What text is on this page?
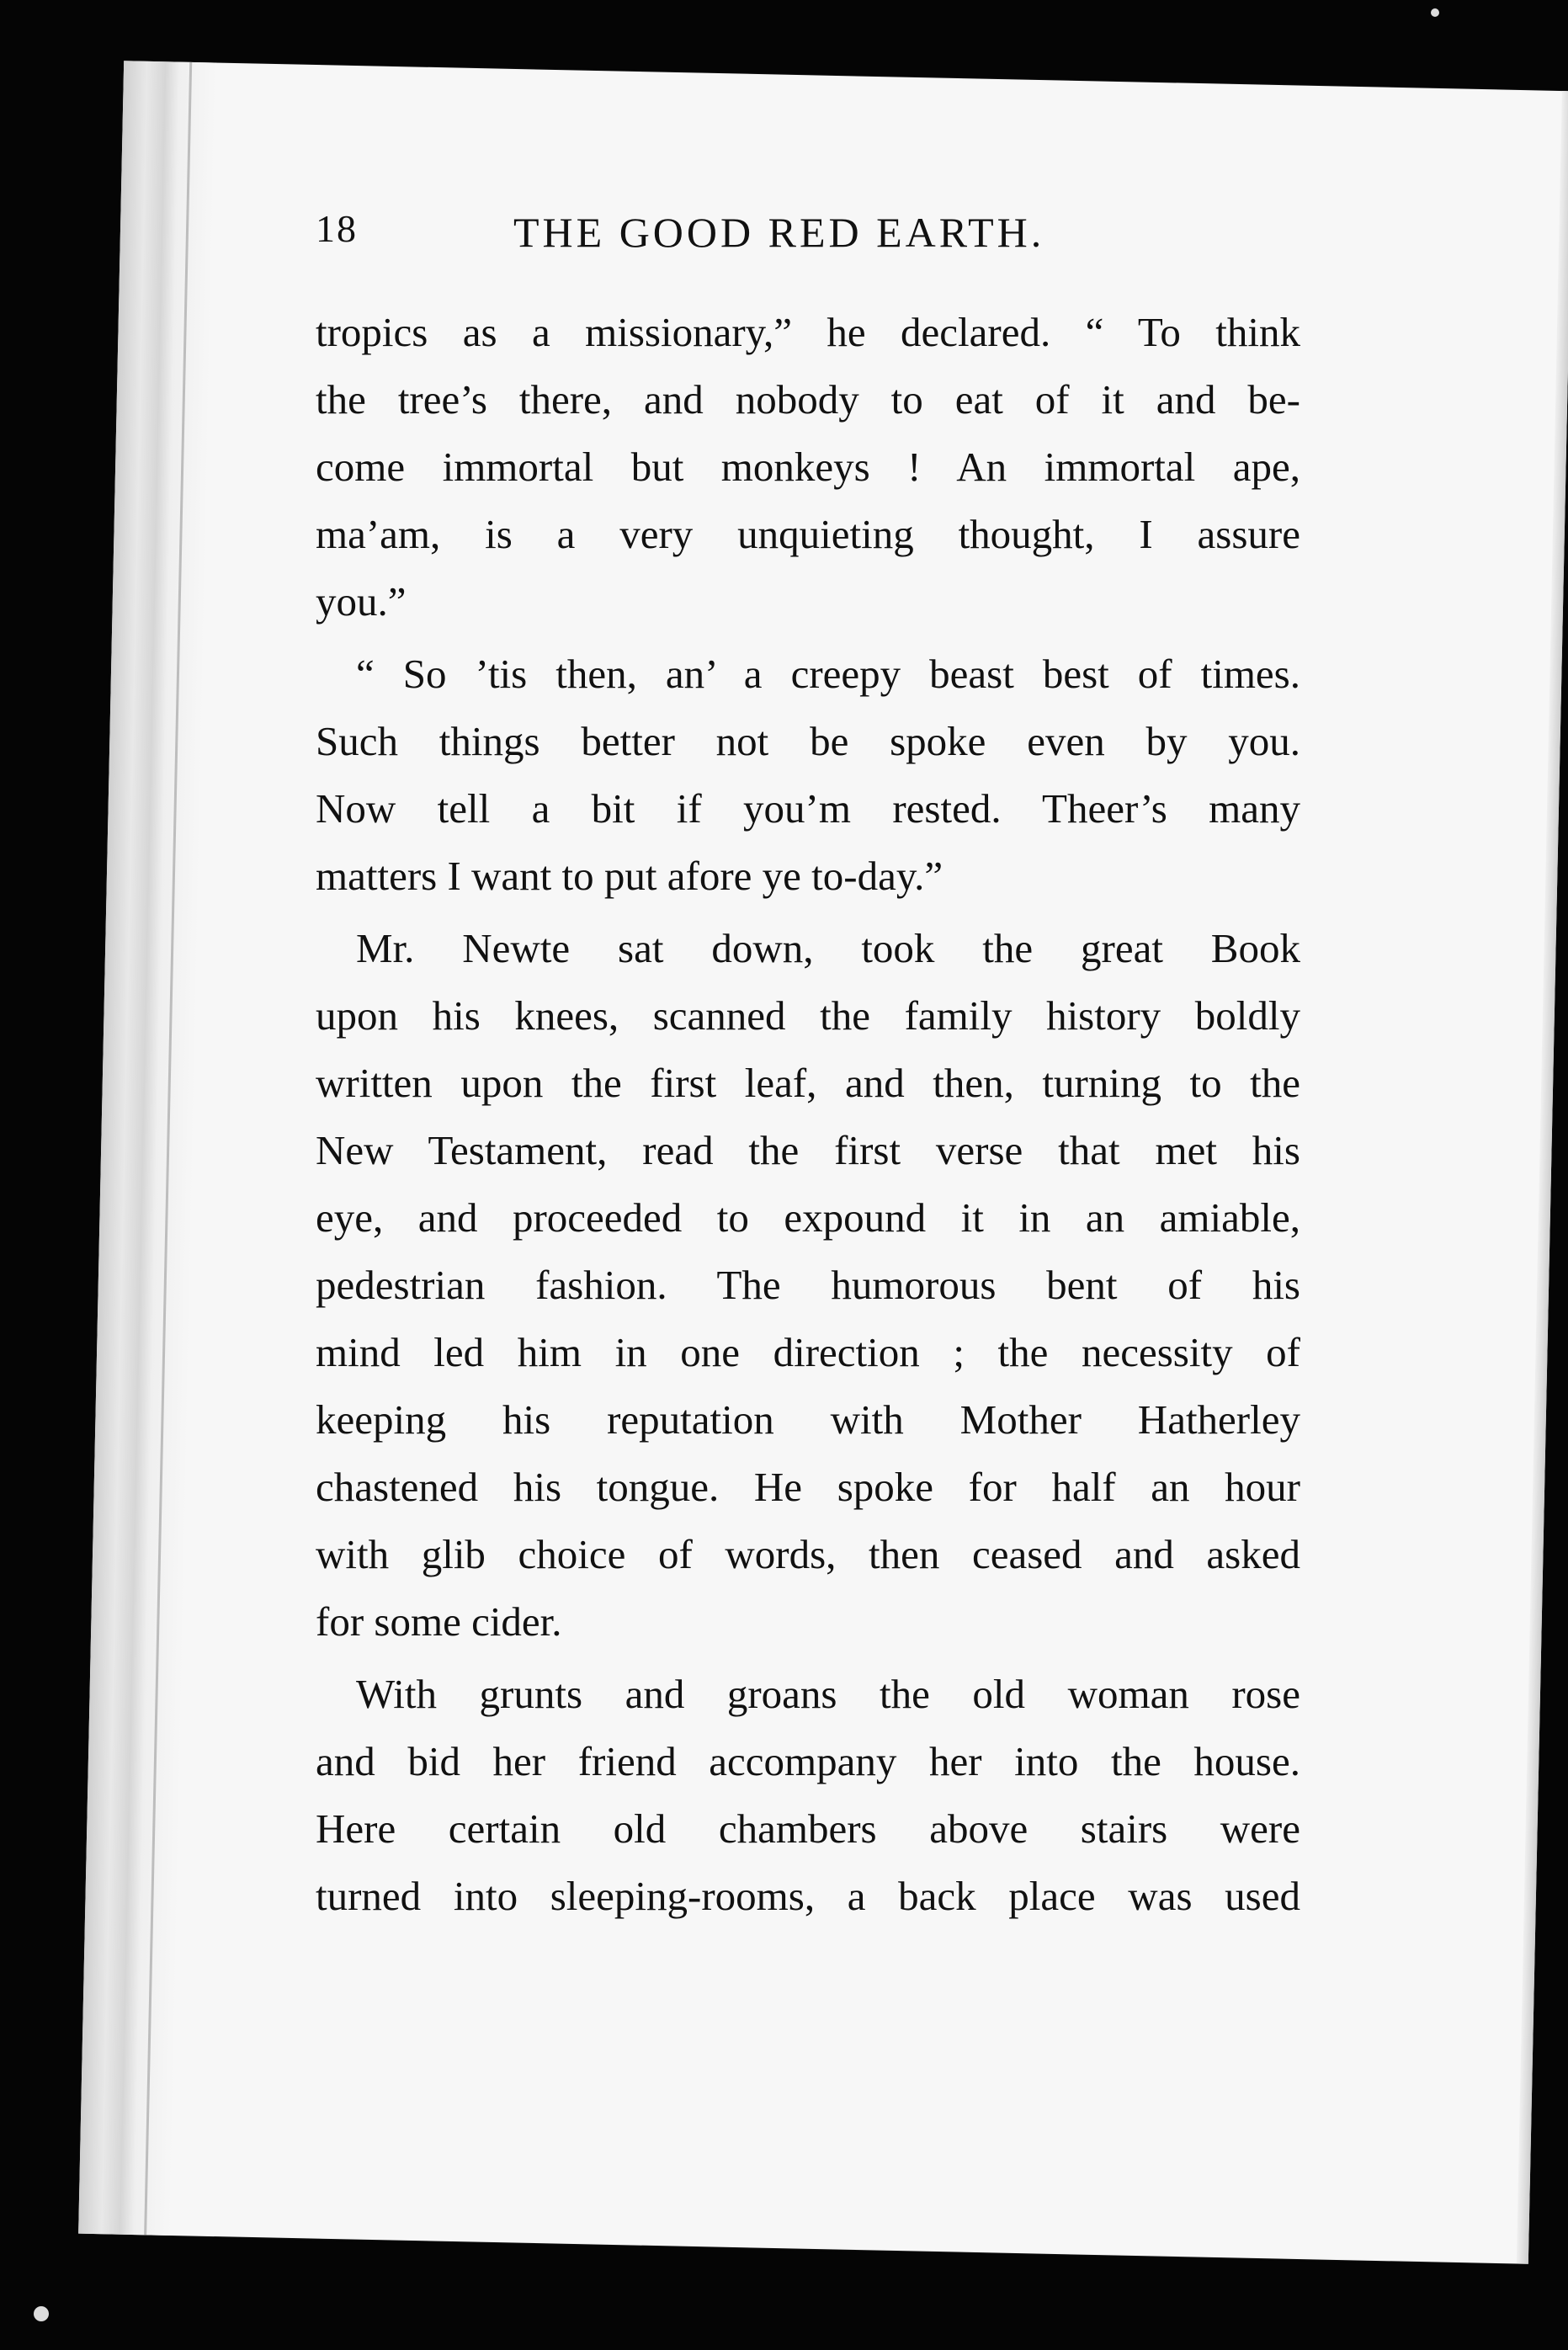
18	THE GOOD RED EARTH.
tropics as a missionary,” he declared. “ To think
the tree’s there, and nobody to eat of it and be-
come immortal but monkeys ! An immortal ape,
ma’am, is a very unquieting thought, I assure
you.”
“ So ’tis then, an’ a creepy beast best of times.
Such things better not be spoke even by you.
Now tell a bit if you’m rested. Theer’s many
matters I want to put afore ye to-day.”
Mr. Newte sat down, took the great Book
upon his knees, scanned the family history boldly
written upon the first leaf, and then, turning to the
New Testament, read the first verse that met his
eye, and proceeded to expound it in an amiable,
pedestrian fashion. The humorous bent of his
mind led him in one direction ; the necessity of
keeping his reputation with Mother Hatherley
chastened his tongue. He spoke for half an hour
with glib choice of words, then ceased and asked
for some cider.
With grunts and groans the old woman rose
and bid her friend accompany her into the house.
Here certain old chambers above stairs were
turned into sleeping-rooms, a back place was used
